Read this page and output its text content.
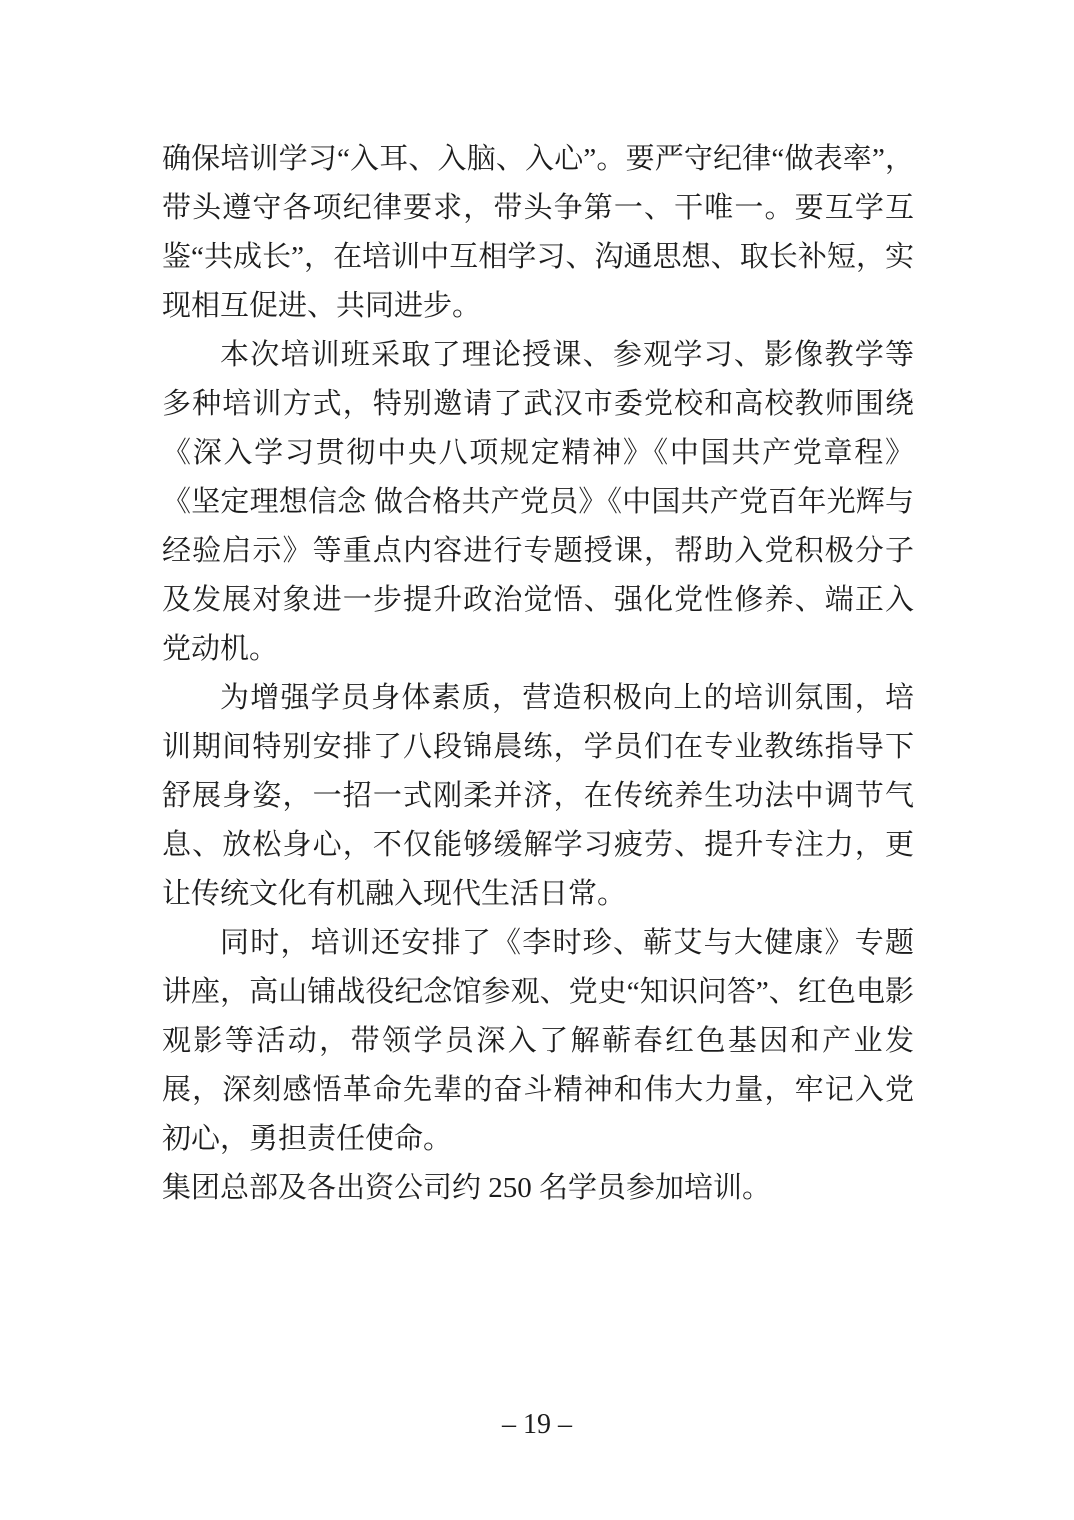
确保培训学习“入耳、入脑、入心”。要严守纪律“做表率”，带头遵守各项纪律要求，带头争第一、干唯一。要互学互鉴“共成长”，在培训中互相学习、沟通思想、取长补短，实现相互促进、共同进步。

本次培训班采取了理论授课、参观学习、影像教学等多种培训方式，特别邀请了武汉市委党校和高校教师围绕《深入学习贯彻中央八项规定精神》《中国共产党章程》《坚定理想信念 做合格共产党员》《中国共产党百年光辉与经验启示》等重点内容进行专题授课，帮助入党积极分子及发展对象进一步提升政治觉悟、强化党性修养、端正入党动机。

为增强学员身体素质，营造积极向上的培训氛围，培训期间特别安排了八段锦晨练，学员们在专业教练指导下舒展身姿，一招一式刚柔并济，在传统养生功法中调节气息、放松身心，不仅能够缓解学习疲劳、提升专注力，更让传统文化有机融入现代生活日常。

同时，培训还安排了《李时珍、蕲艾与大健康》专题讲座，高山铺战役纪念馆参观、党史“知识问答”、红色电影观影等活动，带领学员深入了解蕲春红色基因和产业发展，深刻感悟革命先辈的奋斗精神和伟大力量，牢记入党初心，勇担责任使命。

集团总部及各出资公司约 250 名学员参加培训。

– 19 –
